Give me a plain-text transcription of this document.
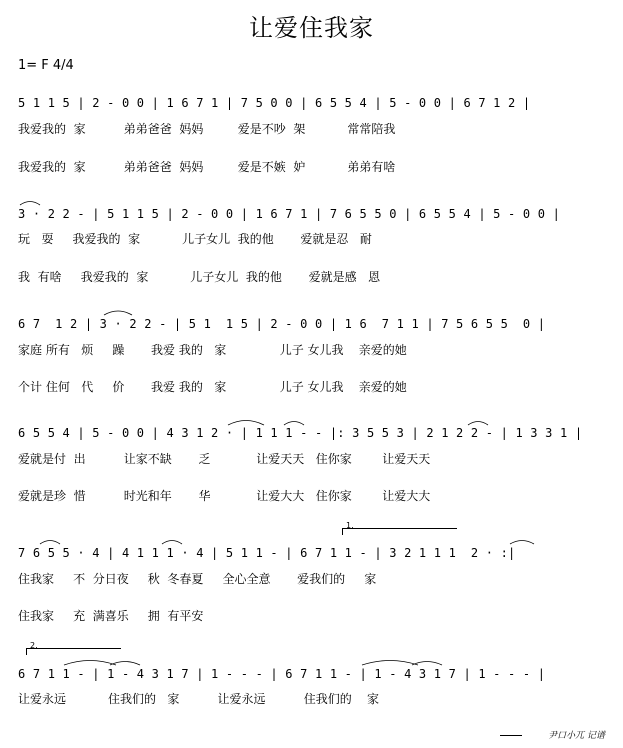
让爱住我家
1= F 4/4
5 1 1 5 | 2 - 0 0 | 1 6 7 1 | 7 5 0 0 | 6 5 5 4 | 5 - 0 0 | 6 7 1 2 |
我爱我的  家          弟弟爸爸  妈妈         爱是不吵  架           常常陪我
我爱我的  家          弟弟爸爸  妈妈         爱是不嫉  妒           弟弟有啥
3 · 2 2 - | 5 1 1 5 | 2 - 0 0 | 1 6 7 1 | 7 6 5 5 0 | 6 5 5 4 | 5 - 0 0 |
玩   耍     我爱我的  家           儿子女儿  我的他       爱就是忍   耐
我  有啥     我爱我的  家           儿子女儿  我的他       爱就是感   恩
6 7  1 2 | 3 · 2 2 - | 5 1  1 5 | 2 - 0 0 | 1 6  7 1 1 | 7 5 6 5 5  0 |
家庭 所有   烦     躁       我爱 我的   家              儿子 女儿我    亲爱的她
个计 住何   代     价       我爱 我的   家              儿子 女儿我    亲爱的她
6 5 5 4 | 5 - 0 0 | 4 3 1 2 · | 1 1 1 - - |: 3 5 5 3 | 2 1 2 2 - | 1 3 3 1 |
爱就是付  出          让家不缺       乏            让爱天天   住你家        让爱天天
爱就是珍  惜          时光和年       华            让爱大大   住你家        让爱大大
1.
7 6 5 5 · 4 | 4 1 1 1 · 4 | 5 1 1 - | 6 7 1 1 - | 3 2 1 1 1  2 · :|
住我家     不  分日夜     秋  冬春夏     全心全意       爱我们的     家
住我家     充  满喜乐     拥  有平安
2.
6 7 1 1 - | 1 - 4 3 1 7 | 1 - - - | 6 7 1 1 - | 1 - 4 3 1 7 | 1 - - - |
让爱永远           住我们的   家          让爱永远          住我们的    家
尹口小兀 记谱
